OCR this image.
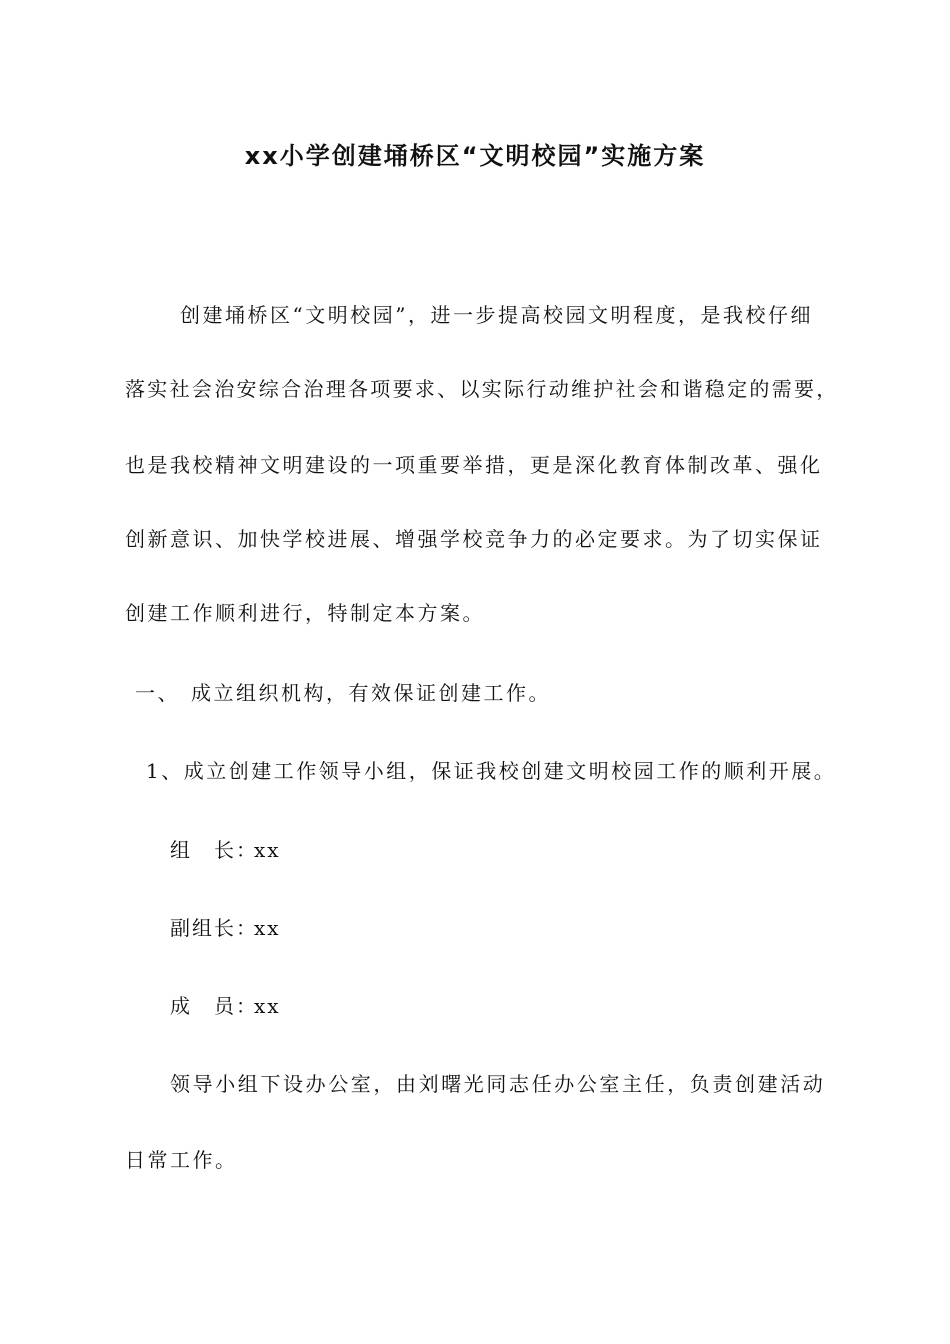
xx小学创建埇桥区“文明校园”实施方案
创建埇桥区“文明校园”，进一步提高校园文明程度，是我校仔细
落实社会治安综合治理各项要求、以实际行动维护社会和谐稳定的需要，
也是我校精神文明建设的一项重要举措，更是深化教育体制改革、强化
创新意识、加快学校进展、增强学校竞争力的必定要求。为了切实保证
创建工作顺利进行，特制定本方案。
一、 成立组织机构，有效保证创建工作。
1、成立创建工作领导小组，保证我校创建文明校园工作的顺利开展。
组　长：xx
副组长：xx
成　员：xx
领导小组下设办公室，由刘曙光同志任办公室主任，负责创建活动
日常工作。
